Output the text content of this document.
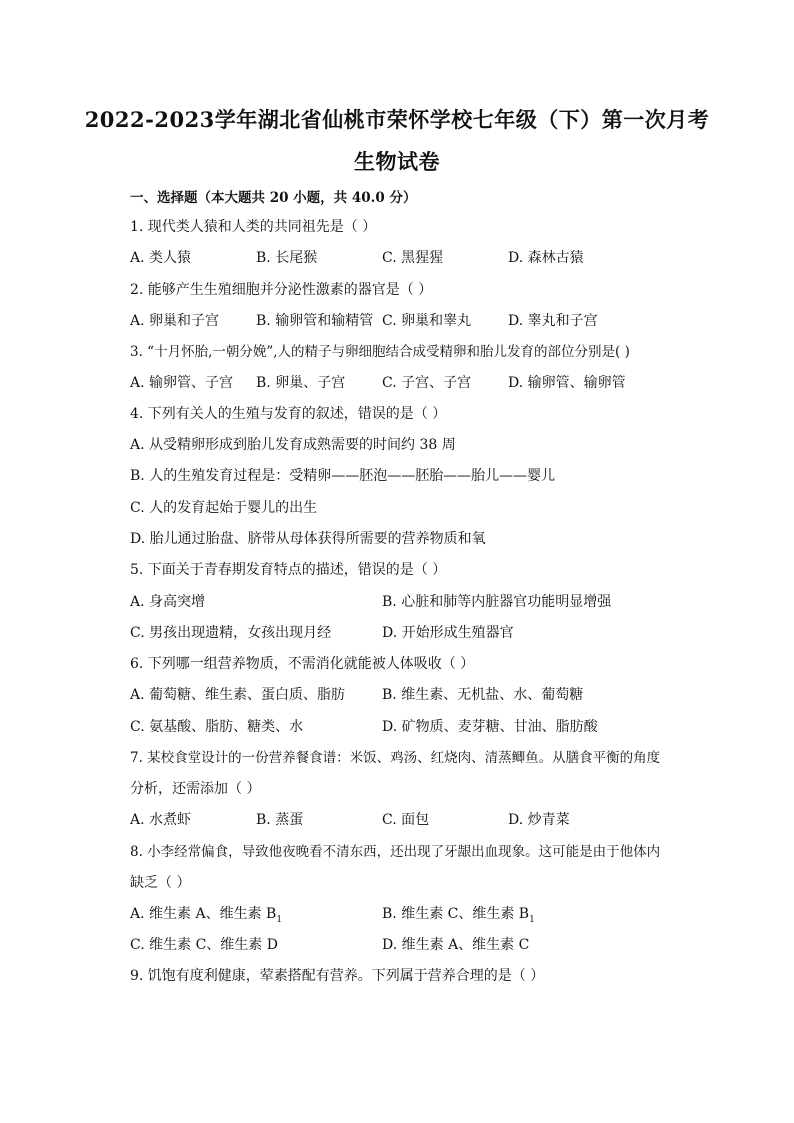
2022-2023学年湖北省仙桃市荣怀学校七年级（下）第一次月考
生物试卷
一、选择题（本大题共 20 小题，共 40.0 分）
1. 现代类人猿和人类的共同祖先是（ ）
A. 类人猿	B. 长尾猴	C. 黑猩猩	D. 森林古猿
2. 能够产生生殖细胞并分泌性激素的器官是（ ）
A. 卵巢和子宫	B. 输卵管和输精管 C. 卵巢和睾丸	D. 睾丸和子宫
3. “十月怀胎,一朝分娩”,人的精子与卵细胞结合成受精卵和胎儿发育的部位分别是( )
A. 输卵管、子宫 B. 卵巢、子宫	C. 子宫、子宫	D. 输卵管、输卵管
4. 下列有关人的生殖与发育的叙述，错误的是（ ）
A. 从受精卵形成到胎儿发育成熟需要的时间约 38 周
B. 人的生殖发育过程是：受精卵——胚泡——胚胎——胎儿——婴儿
C. 人的发育起始于婴儿的出生
D. 胎儿通过胎盘、脐带从母体获得所需要的营养物质和氧
5. 下面关于青春期发育特点的描述，错误的是（ ）
A. 身高突增	B. 心脏和肺等内脏器官功能明显增强
C. 男孩出现遗精，女孩出现月经	D. 开始形成生殖器官
6. 下列哪一组营养物质，不需消化就能被人体吸收（ ）
A. 葡萄糖、维生素、蛋白质、脂肪	B. 维生素、无机盐、水、葡萄糖
C. 氨基酸、脂肪、糖类、水	D. 矿物质、麦芽糖、甘油、脂肪酸
7. 某校食堂设计的一份营养餐食谱：米饭、鸡汤、红烧肉、清蒸鲫鱼。从膳食平衡的角度
分析，还需添加（ ）
A. 水煮虾	B. 蒸蛋	C. 面包	D. 炒青菜
8. 小李经常偏食，导致他夜晚看不清东西，还出现了牙龈出血现象。这可能是由于他体内
缺乏（ ）
A. 维生素 A、维生素 $B_1$	B. 维生素 C、维生素 $B_1$
C. 维生素 C、维生素 D	D. 维生素 A、维生素 C
9. 饥饱有度利健康，荤素搭配有营养。下列属于营养合理的是（ ）
